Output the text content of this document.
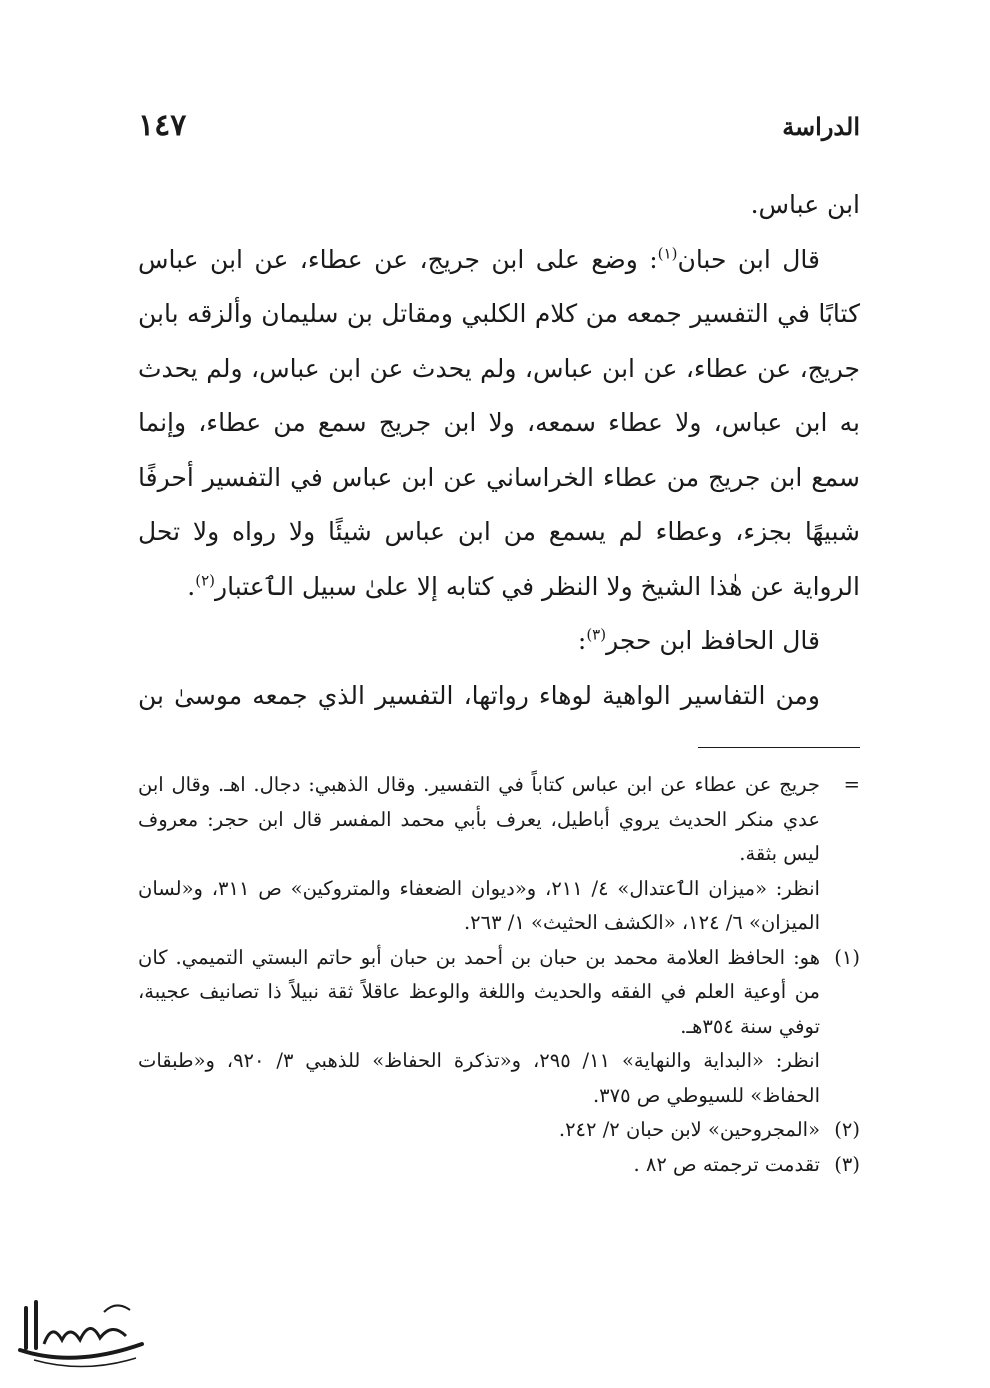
الدراسة
١٤٧

ابن عباس.

قال ابن حبان$^{(١)}$: وضع على ابن جريج، عن عطاء، عن ابن عباس كتابًا في التفسير جمعه من كلام الكلبي ومقاتل بن سليمان وألزقه بابن جريج، عن عطاء، عن ابن عباس، ولم يحدث عن ابن عباس، ولم يحدث به ابن عباس، ولا عطاء سمعه، ولا ابن جريج سمع من عطاء، وإنما سمع ابن جريج من عطاء الخراساني عن ابن عباس في التفسير أحرفًا شبيهًا بجزء، وعطاء لم يسمع من ابن عباس شيئًا ولا رواه ولا تحل الرواية عن هٰذا الشيخ ولا النظر في كتابه إلا علىٰ سبيل الٱعتبار$^{(٢)}$.

قال الحافظ ابن حجر$^{(٣)}$:

ومن التفاسير الواهية لوهاء رواتها، التفسير الذي جمعه موسىٰ بن

=
جريج عن عطاء عن ابن عباس كتاباً في التفسير. وقال الذهبي: دجال. اهـ. وقال ابن عدي منكر الحديث يروي أباطيل، يعرف بأبي محمد المفسر قال ابن حجر: معروف ليس بثقة.

انظر: «ميزان الٱعتدال» ٤/ ٢١١، و«ديوان الضعفاء والمتروكين» ص ٣١١، و«لسان الميزان» ٦/ ١٢٤، «الكشف الحثيث» ١/ ٢٦٣.

(١)
هو: الحافظ العلامة محمد بن حبان بن أحمد بن حبان أبو حاتم البستي التميمي. كان من أوعية العلم في الفقه والحديث واللغة والوعظ عاقلاً ثقة نبيلاً ذا تصانيف عجيبة، توفي سنة ٣٥٤هـ.

انظر: «البداية والنهاية» ١١/ ٢٩٥، و«تذكرة الحفاظ» للذهبي ٣/ ٩٢٠، و«طبقات الحفاظ» للسيوطي ص ٣٧٥.

(٢)
«المجروحين» لابن حبان ٢/ ٢٤٢.

(٣)
تقدمت ترجمته ص ٨٢ .
